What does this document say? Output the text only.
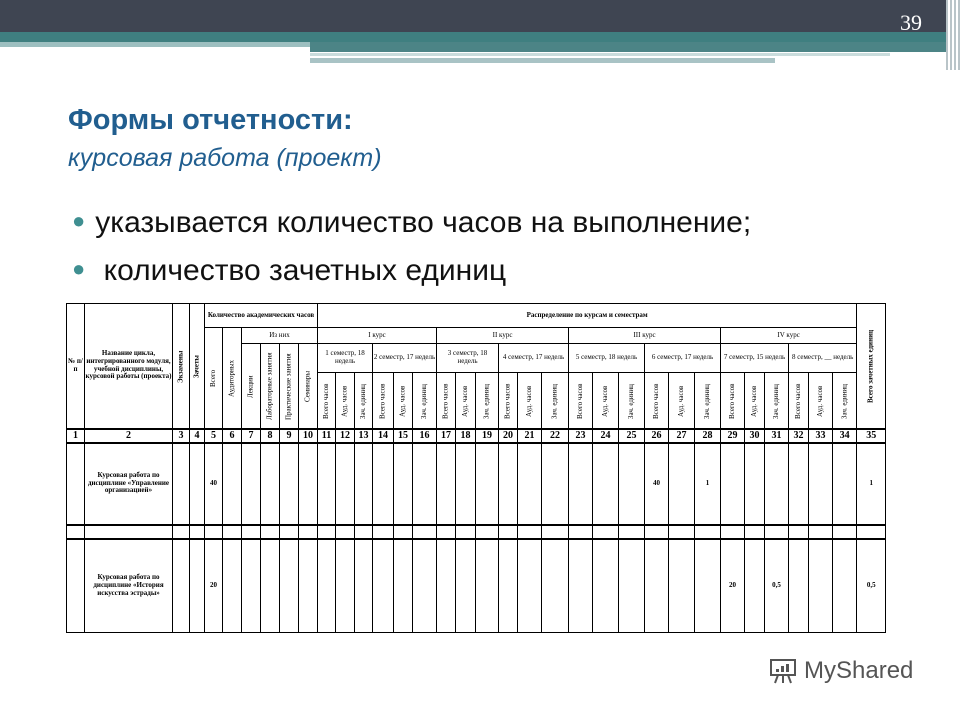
39
Формы отчетности:
курсовая работа (проект)
● указывается количество часов на выполнение;
● количество зачетных единиц
№ п/п	Название цикла, интегрированного модуля, учебной дисциплины, курсовой работы (проекта)	Экзамены	Зачеты	Количество академических часов						Распределение по курсам и семестрам																								Всего зачетных единиц
				Всего	Аудиторных	Из них				I курс						II курс						III курс						IV курс						
						Лекции	Лабораторные занятия	Практические занятия	Семинары	1 семестр, 18 недель			2 семестр, 17 недель			3 семестр, 18 недель			4 семестр, 17 недель			5 семестр, 18 недель			6 семестр, 17 недель			7 семестр, 15 недель			8 семестр, __ недель			
										Всего часов	Ауд. часов	Зач. единиц	Всего часов	Ауд. часов	Зач. единиц	Всего часов	Ауд. часов	Зач. единиц	Всего часов	Ауд. часов	Зач. единиц	Всего часов	Ауд. часов	Зач. единиц	Всего часов	Ауд. часов	Зач. единиц	Всего часов	Ауд. часов	Зач. единиц	Всего часов	Ауд. часов	Зач. единиц	
1	2	3	4	5	6	7	8	9	10	11	12	13	14	15	16	17	18	19	20	21	22	23	24	25	26	27	28	29	30	31	32	33	34	35
	Курсовая работа по дисциплине «Управление организацией»			40																					40		1							1

	Курсовая работа по дисциплине «История искусства эстрады»			20																								20		0,5				0,5
MyShared
